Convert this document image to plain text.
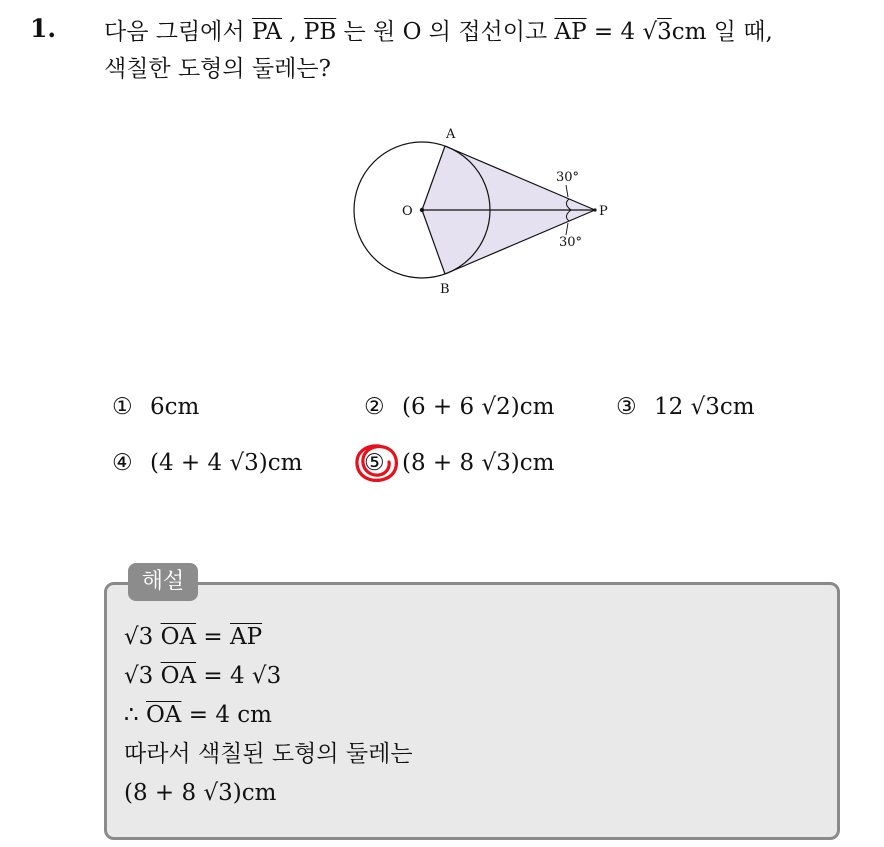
1. 다음 그림에서 $\overline{PA}$ , $\overline{PB}$ 는 원 O 의 접선이고 $\overline{AP} = 4$ √3cm 일 때,
색칠한 도형의 둘레는?
A
B
O	P
30°
30°
① 6cm	② (6 + 6 √2)cm	③ 12 √3cm
④ (4 + 4 √3)cm	⑤ (8 + 8 √3)cm
해설
√3 $\overline{OA} = \overline{AP}$
√3 $\overline{OA} = 4$ √3
∴ $\overline{OA} = 4$ cm
따라서 색칠된 도형의 둘레는
(8 + 8 √3)cm
